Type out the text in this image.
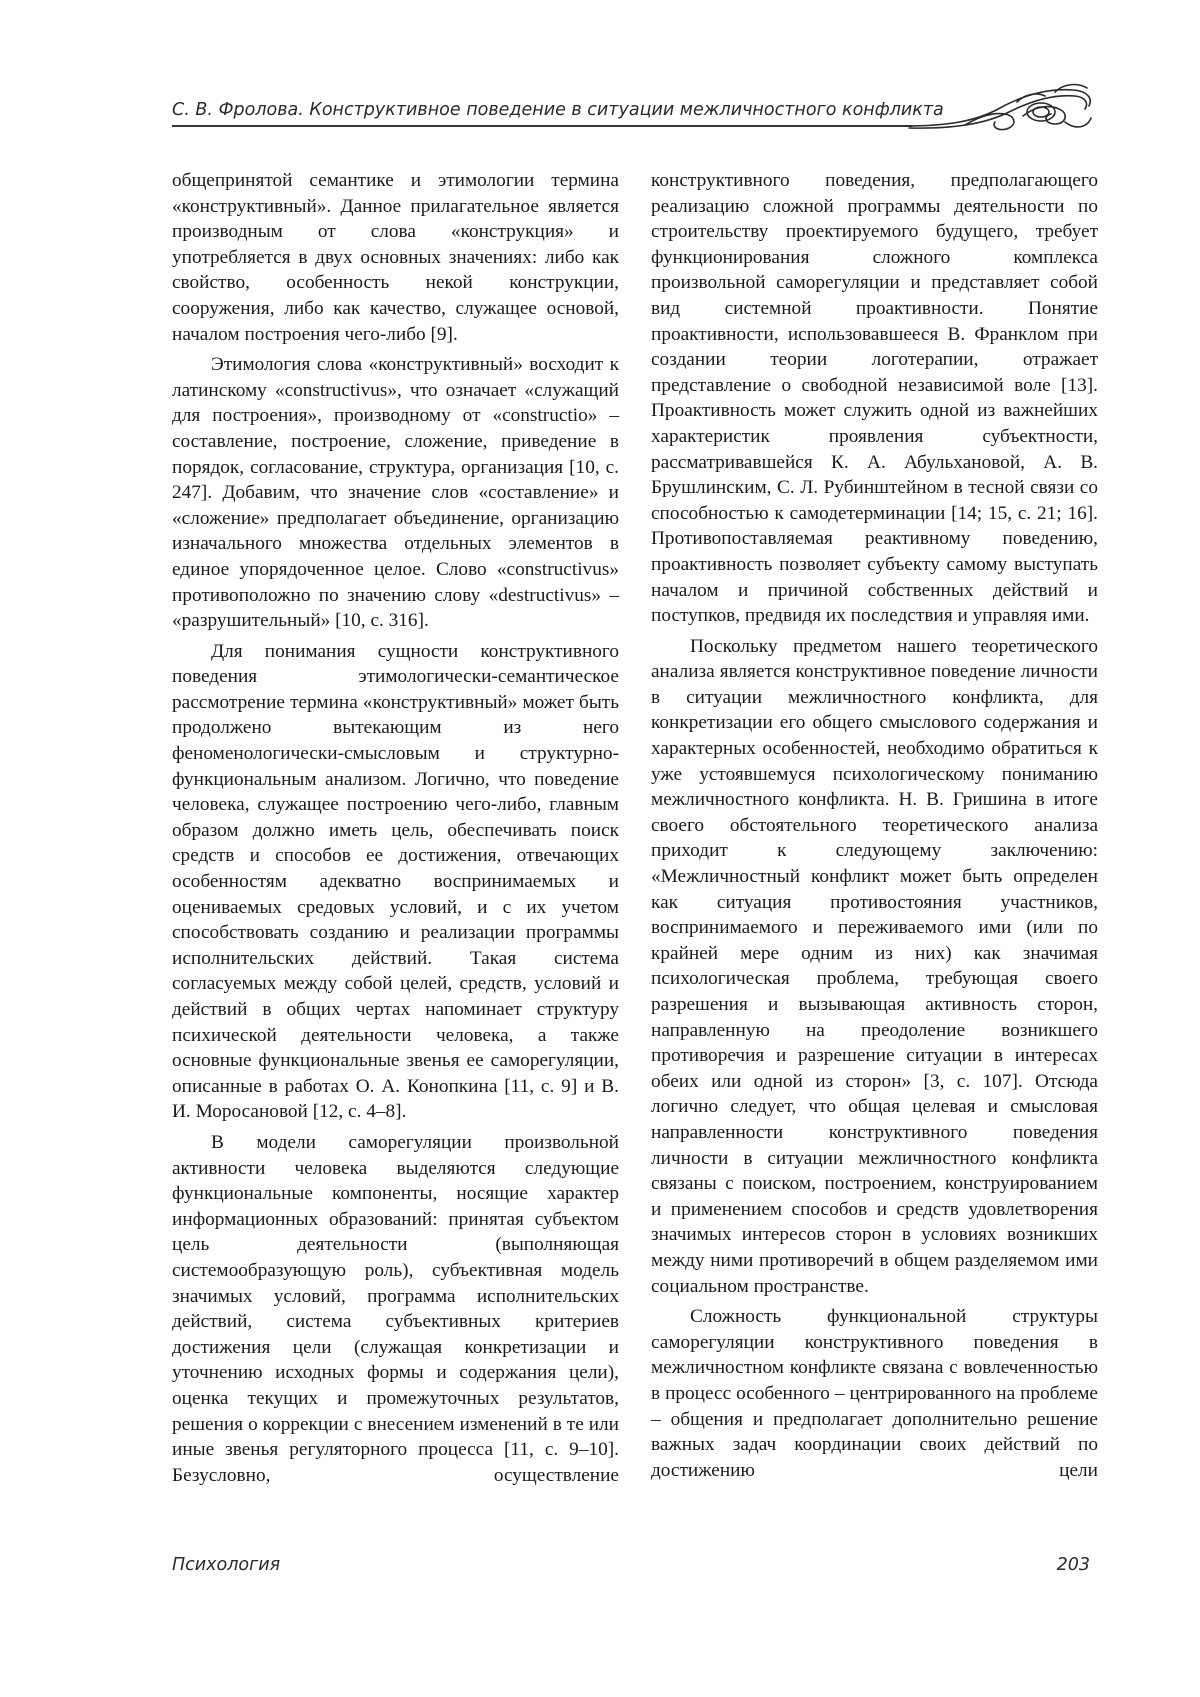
С. В. Фролова. Конструктивное поведение в ситуации межличностного конфликта

общепринятой семантике и этимологии термина «конструктивный». Данное прилагательное является производным от слова «конструкция» и употребляется в двух основных значениях: либо как свойство, особенность некой конструкции, сооружения, либо как качество, служащее основой, началом построения чего-либо [9].

Этимология слова «конструктивный» восходит к латинскому «constructivus», что означает «служащий для построения», производному от «constructio» – составление, построение, сложение, приведение в порядок, согласование, структура, организация [10, с. 247]. Добавим, что значение слов «составление» и «сложение» предполагает объединение, организацию изначального множества отдельных элементов в единое упорядоченное целое. Слово «constructivus» противоположно по значению слову «destructivus» – «разрушительный» [10, с. 316].

Для понимания сущности конструктивного поведения этимологически-семантическое рассмотрение термина «конструктивный» может быть продолжено вытекающим из него феноменологически-смысловым и структурно-функциональным анализом. Логично, что поведение человека, служащее построению чего-либо, главным образом должно иметь цель, обеспечивать поиск средств и способов ее достижения, отвечающих особенностям адекватно воспринимаемых и оцениваемых средовых условий, и с их учетом способствовать созданию и реализации программы исполнительских действий. Такая система согласуемых между собой целей, средств, условий и действий в общих чертах напоминает структуру психической деятельности человека, а также основные функциональные звенья ее саморегуляции, описанные в работах О. А. Конопкина [11, с. 9] и В. И. Моросановой [12, с. 4–8].

В модели саморегуляции произвольной активности человека выделяются следующие функциональные компоненты, носящие характер информационных образований: принятая субъектом цель деятельности (выполняющая системообразующую роль), субъективная модель значимых условий, программа исполнительских действий, система субъективных критериев достижения цели (служащая конкретизации и уточнению исходных формы и содержания цели), оценка текущих и промежуточных результатов, решения о коррекции с внесением изменений в те или иные звенья регуляторного процесса [11, с. 9–10]. Безусловно, осуществление

конструктивного поведения, предполагающего реализацию сложной программы деятельности по строительству проектируемого будущего, требует функционирования сложного комплекса произвольной саморегуляции и представляет собой вид системной проактивности. Понятие проактивности, использовавшееся В. Франклом при создании теории логотерапии, отражает представление о свободной независимой воле [13]. Проактивность может служить одной из важнейших характеристик проявления субъектности, рассматривавшейся К. А. Абульхановой, А. В. Брушлинским, С. Л. Рубинштейном в тесной связи со способностью к самодетерминации [14; 15, с. 21; 16]. Противопоставляемая реактивному поведению, проактивность позволяет субъекту самому выступать началом и причиной собственных действий и поступков, предвидя их последствия и управляя ими.

Поскольку предметом нашего теоретического анализа является конструктивное поведение личности в ситуации межличностного конфликта, для конкретизации его общего смыслового содержания и характерных особенностей, необходимо обратиться к уже устоявшемуся психологическому пониманию межличностного конфликта. Н. В. Гришина в итоге своего обстоятельного теоретического анализа приходит к следующему заключению: «Межличностный конфликт может быть определен как ситуация противостояния участников, воспринимаемого и переживаемого ими (или по крайней мере одним из них) как значимая психологическая проблема, требующая своего разрешения и вызывающая активность сторон, направленную на преодоление возникшего противоречия и разрешение ситуации в интересах обеих или одной из сторон» [3, с. 107]. Отсюда логично следует, что общая целевая и смысловая направленности конструктивного поведения личности в ситуации межличностного конфликта связаны с поиском, построением, конструированием и применением способов и средств удовлетворения значимых интересов сторон в условиях возникших между ними противоречий в общем разделяемом ими социальном пространстве.

Сложность функциональной структуры саморегуляции конструктивного поведения в межличностном конфликте связана с вовлеченностью в процесс особенного – центрированного на проблеме – общения и предполагает дополнительно решение важных задач координации своих действий по достижению цели

Психология	203
